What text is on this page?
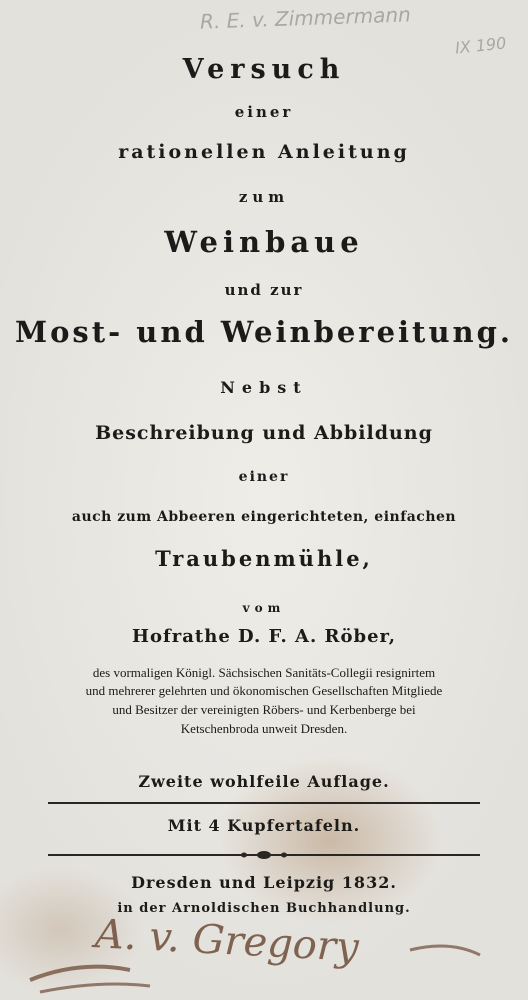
R. E. v. Zimmermann
IX 190
Versuch
einer
rationellen Anleitung
zum
Weinbaue
und zur
Most- und Weinbereitung.
Nebst
Beschreibung und Abbildung
einer
auch zum Abbeeren eingerichteten, einfachen
Traubenmühle,
vom
Hofrathe D. F. A. Röber,
des vormaligen Königl. Sächsischen Sanitäts-Collegii resignirtem
und mehrerer gelehrten und ökonomischen Gesellschaften Mitgliede
und Besitzer der vereinigten Röbers- und Kerbenberge bei
Ketschenbroda unweit Dresden.
Zweite wohlfeile Auflage.
Mit 4 Kupfertafeln.
Dresden und Leipzig 1832.
in der Arnoldischen Buchhandlung.
A. v. Gregory
